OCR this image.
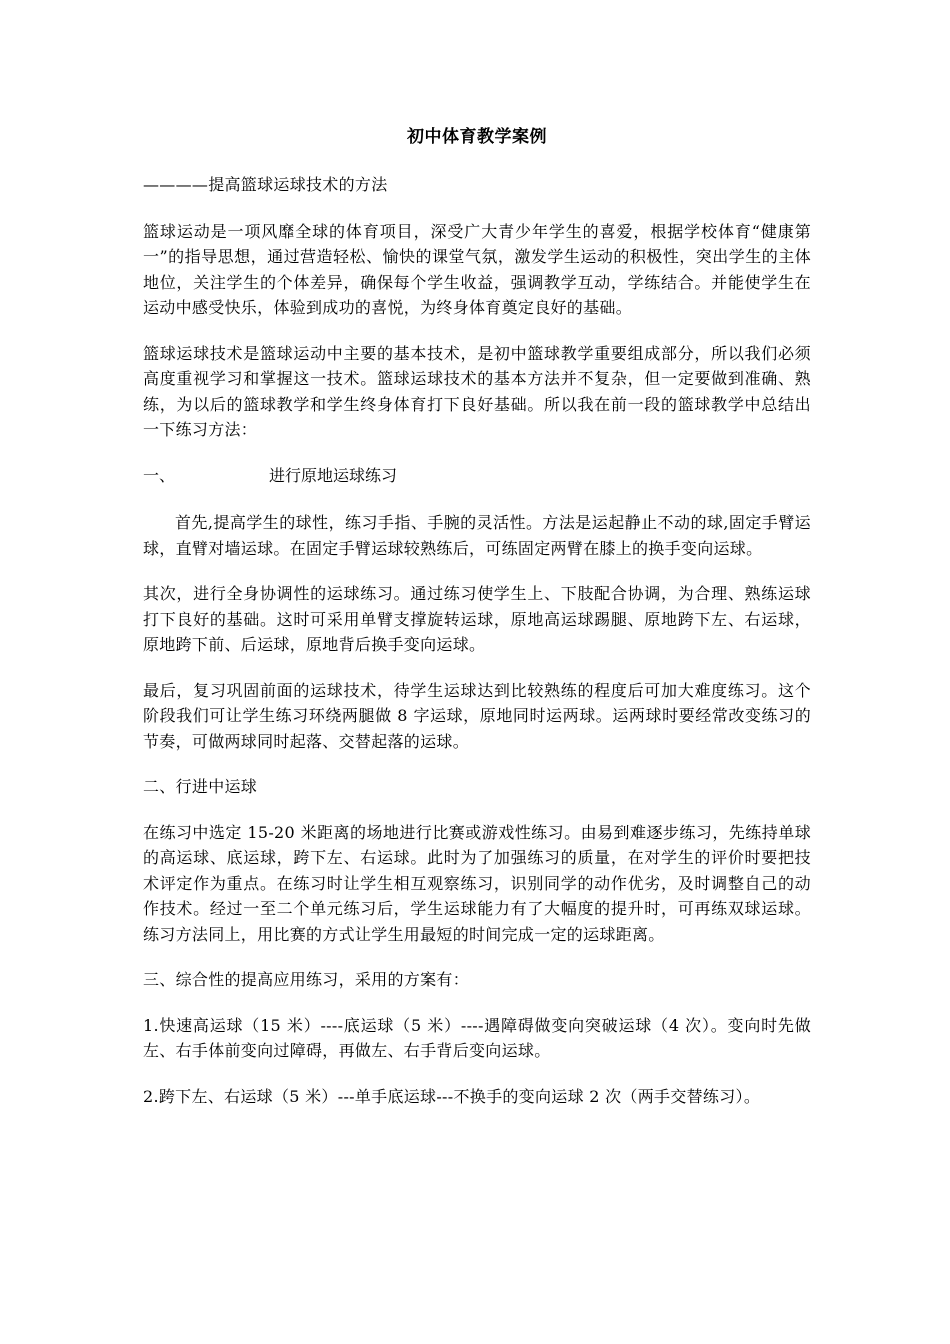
初中体育教学案例
————提高篮球运球技术的方法
篮球运动是一项风靡全球的体育项目，深受广大青少年学生的喜爱，根据学校体育“健康第一”的指导思想，通过营造轻松、愉快的课堂气氛，激发学生运动的积极性，突出学生的主体地位，关注学生的个体差异，确保每个学生收益，强调教学互动，学练结合。并能使学生在运动中感受快乐，体验到成功的喜悦，为终身体育奠定良好的基础。
篮球运球技术是篮球运动中主要的基本技术，是初中篮球教学重要组成部分，所以我们必须高度重视学习和掌握这一技术。篮球运球技术的基本方法并不复杂，但一定要做到准确、熟练，为以后的篮球教学和学生终身体育打下良好基础。所以我在前一段的篮球教学中总结出一下练习方法：
一、	进行原地运球练习
首先,提高学生的球性，练习手指、手腕的灵活性。方法是运起静止不动的球,固定手臂运球，直臂对墙运球。在固定手臂运球较熟练后，可练固定两臂在膝上的换手变向运球。
其次，进行全身协调性的运球练习。通过练习使学生上、下肢配合协调，为合理、熟练运球打下良好的基础。这时可采用单臂支撑旋转运球，原地高运球踢腿、原地跨下左、右运球，原地跨下前、后运球，原地背后换手变向运球。
最后，复习巩固前面的运球技术，待学生运球达到比较熟练的程度后可加大难度练习。这个阶段我们可让学生练习环绕两腿做 8 字运球，原地同时运两球。运两球时要经常改变练习的节奏，可做两球同时起落、交替起落的运球。
二、行进中运球
在练习中选定 15-20 米距离的场地进行比赛或游戏性练习。由易到难逐步练习，先练持单球的高运球、底运球，跨下左、右运球。此时为了加强练习的质量，在对学生的评价时要把技术评定作为重点。在练习时让学生相互观察练习，识别同学的动作优劣，及时调整自己的动作技术。经过一至二个单元练习后，学生运球能力有了大幅度的提升时，可再练双球运球。练习方法同上，用比赛的方式让学生用最短的时间完成一定的运球距离。
三、综合性的提高应用练习，采用的方案有：
1.快速高运球（15 米）----底运球（5 米）----遇障碍做变向突破运球（4 次）。变向时先做左、右手体前变向过障碍，再做左、右手背后变向运球。
2.跨下左、右运球（5 米）---单手底运球---不换手的变向运球 2 次（两手交替练习）。
